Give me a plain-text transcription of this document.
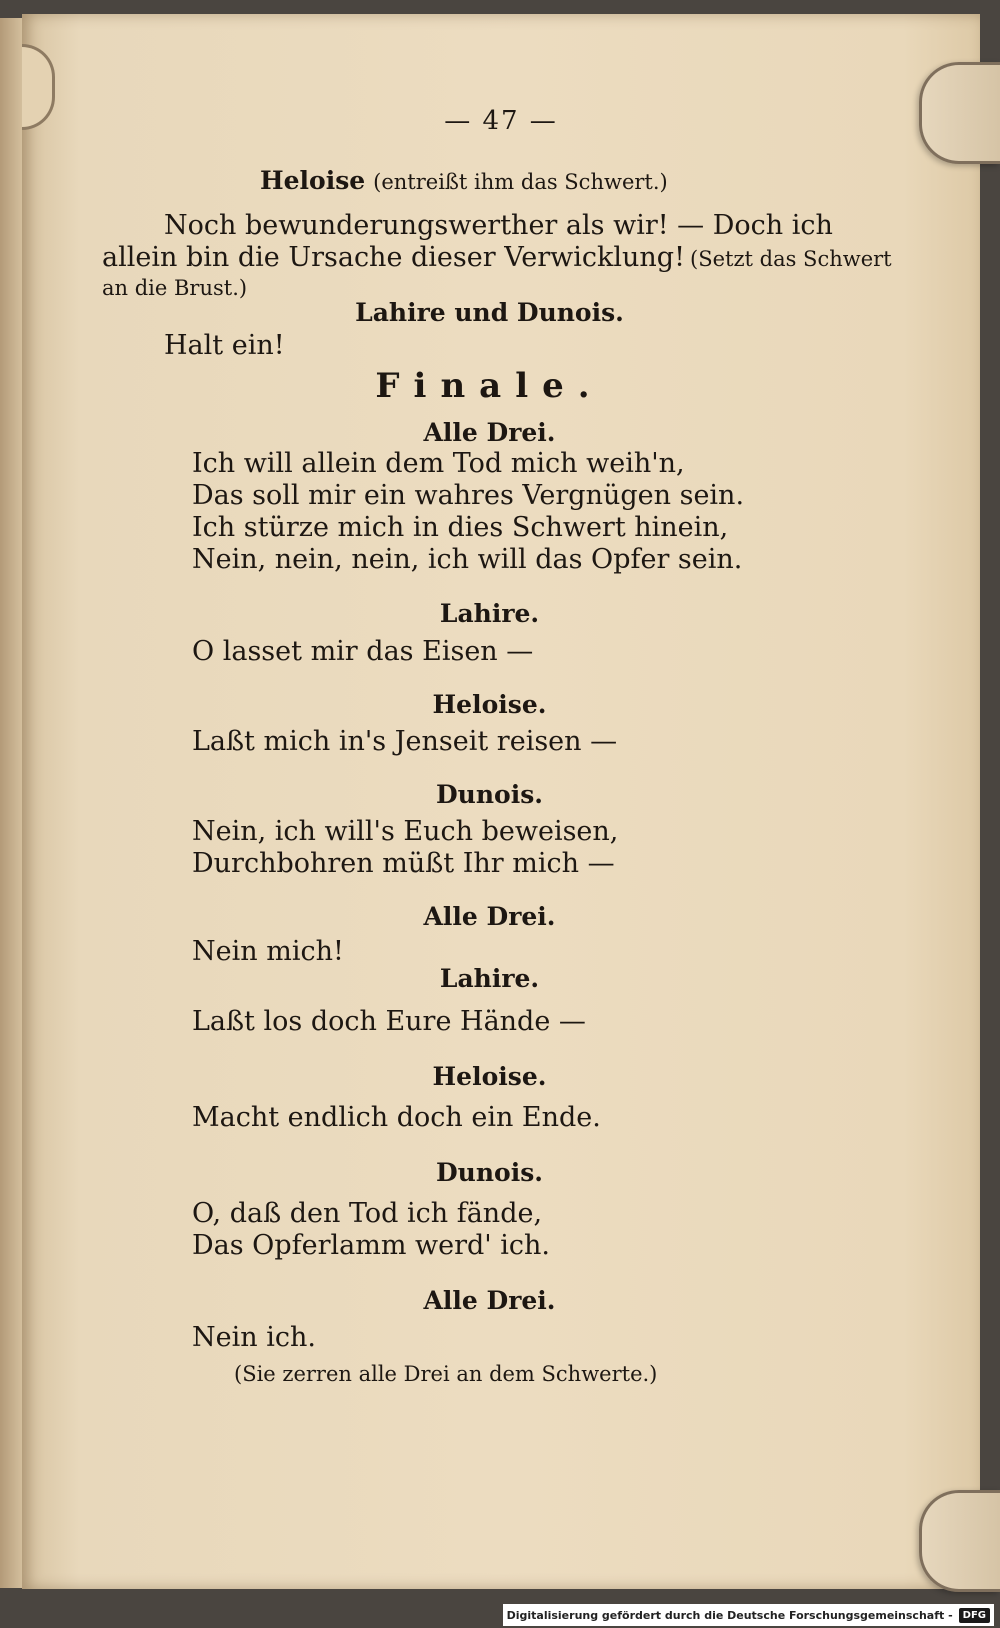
— 47 —

Heloise (entreißt ihm das Schwert.)

Noch bewunderungswerther als wir! — Doch ich

allein bin die Ursache dieser Verwicklung! (Setzt das Schwert

an die Brust.)

Lahire und Dunois.

Halt ein!

Finale.

Alle Drei.

Ich will allein dem Tod mich weih'n,

Das soll mir ein wahres Vergnügen sein.

Ich stürze mich in dies Schwert hinein,

Nein, nein, nein, ich will das Opfer sein.

Lahire.

O lasset mir das Eisen —

Heloise.

Laßt mich in's Jenseit reisen —

Dunois.

Nein, ich will's Euch beweisen,

Durchbohren müßt Ihr mich —

Alle Drei.

Nein mich!

Lahire.

Laßt los doch Eure Hände —

Heloise.

Macht endlich doch ein Ende.

Dunois.

O, daß den Tod ich fände,

Das Opferlamm werd' ich.

Alle Drei.

Nein ich.

(Sie zerren alle Drei an dem Schwerte.)

Digitalisierung gefördert durch die Deutsche Forschungsgemeinschaft -	DFG
